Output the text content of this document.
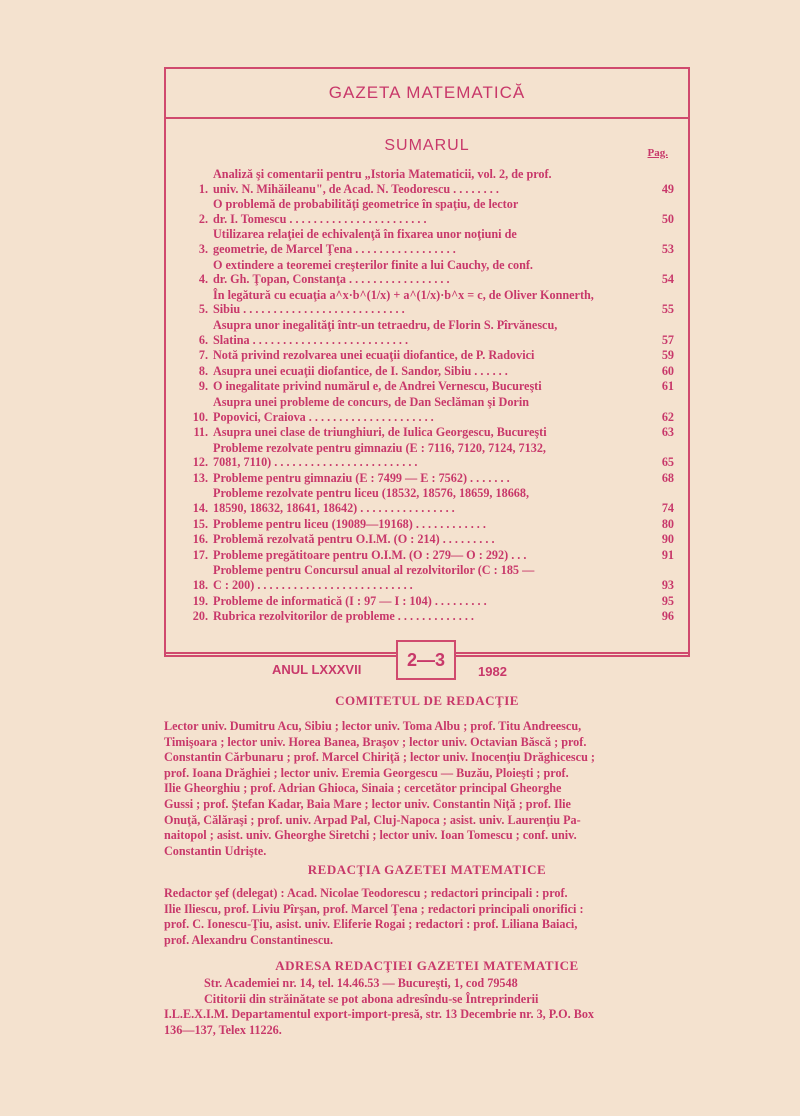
GAZETA MATEMATICĂ
SUMARUL	Pag.
1.
Analiză şi comentarii pentru „Istoria Matematicii, vol. 2, de prof.
univ. N. Mihăileanu", de Acad. N. Teodorescu . . . . . . . .	49
2.
O problemă de probabilităţi geometrice în spaţiu, de lector
dr. I. Tomescu . . . . . . . . . . . . . . . . . . . . . . .	50
3.
Utilizarea relaţiei de echivalenţă în fixarea unor noţiuni de
geometrie, de Marcel Ţena . . . . . . . . . . . . . . . . .	53
4.
O extindere a teoremei creşterilor finite a lui Cauchy, de conf.
dr. Gh. Ţopan, Constanţa . . . . . . . . . . . . . . . . .	54
5.
În legătură cu ecuaţia a^x·b^(1/x) + a^(1/x)·b^x = c, de Oliver Konnerth,
Sibiu . . . . . . . . . . . . . . . . . . . . . . . . . . .	55
6.
Asupra unor inegalităţi într-un tetraedru, de Florin S. Pîrvănescu,
Slatina . . . . . . . . . . . . . . . . . . . . . . . . . .	57
7. Notă privind rezolvarea unei ecuaţii diofantice, de P. Radovici	59
8. Asupra unei ecuaţii diofantice, de I. Sandor, Sibiu . . . . . .	60
9. O inegalitate privind numărul e, de Andrei Vernescu, Bucureşti	61
10.
Asupra unei probleme de concurs, de Dan Seclăman şi Dorin
Popovici, Craiova . . . . . . . . . . . . . . . . . . . . .	62
11. Asupra unei clase de triunghiuri, de Iulica Georgescu, Bucureşti	63
12.
Probleme rezolvate pentru gimnaziu (E : 7116, 7120, 7124, 7132,
7081, 7110) . . . . . . . . . . . . . . . . . . . . . . . .	65
13. Probleme pentru gimnaziu (E : 7499 — E : 7562) . . . . . . .	68
14.
Probleme rezolvate pentru liceu (18532, 18576, 18659, 18668,
18590, 18632, 18641, 18642) . . . . . . . . . . . . . . . .	74
15. Probleme pentru liceu (19089—19168) . . . . . . . . . . . .	80
16. Problemă rezolvată pentru O.I.M. (O : 214) . . . . . . . . .	90
17. Probleme pregătitoare pentru O.I.M. (O : 279— O : 292) . . .	91
18.
Probleme pentru Concursul anual al rezolvitorilor (C : 185 —
C : 200) . . . . . . . . . . . . . . . . . . . . . . . . . .	93
19. Probleme de informatică (I : 97 — I : 104) . . . . . . . . .	95
20. Rubrica rezolvitorilor de probleme . . . . . . . . . . . . .	96
ANUL LXXXVII	2—3
1982
COMITETUL DE REDACŢIE
Lector univ. Dumitru Acu, Sibiu ; lector univ. Toma Albu ; prof. Titu Andreescu,
Timişoara ; lector univ. Horea Banea, Braşov ; lector univ. Octavian Băscă ; prof.
Constantin Cărbunaru ; prof. Marcel Chiriţă ; lector univ. Inocenţiu Drăghicescu ;
prof. Ioana Drăghiei ; lector univ. Eremia Georgescu — Buzău, Ploieşti ; prof.
Ilie Gheorghiu ; prof. Adrian Ghioca, Sinaia ; cercetător principal Gheorghe
Gussi ; prof. Ştefan Kadar, Baia Mare ; lector univ. Constantin Niţă ; prof. Ilie
Onuţă, Călăraşi ; prof. univ. Arpad Pal, Cluj-Napoca ; asist. univ. Laurenţiu Pa-
naitopol ; asist. univ. Gheorghe Siretchi ; lector univ. Ioan Tomescu ; conf. univ.
Constantin Udrişte.
REDACŢIA GAZETEI MATEMATICE
Redactor şef (delegat) : Acad. Nicolae Teodorescu ; redactori principali : prof.
Ilie Iliescu, prof. Liviu Pîrşan, prof. Marcel Ţena ; redactori principali onorifici :
prof. C. Ionescu-Ţiu, asist. univ. Eliferie Rogai ; redactori : prof. Liliana Baiaci,
prof. Alexandru Constantinescu.
ADRESA REDACŢIEI GAZETEI MATEMATICE
Str. Academiei nr. 14, tel. 14.46.53 — Bucureşti, 1, cod 79548
Cititorii din străinătate se pot abona adresîndu-se Întreprinderii
I.L.E.X.I.M. Departamentul export-import-presă, str. 13 Decembrie nr. 3, P.O. Box
136—137, Telex 11226.
